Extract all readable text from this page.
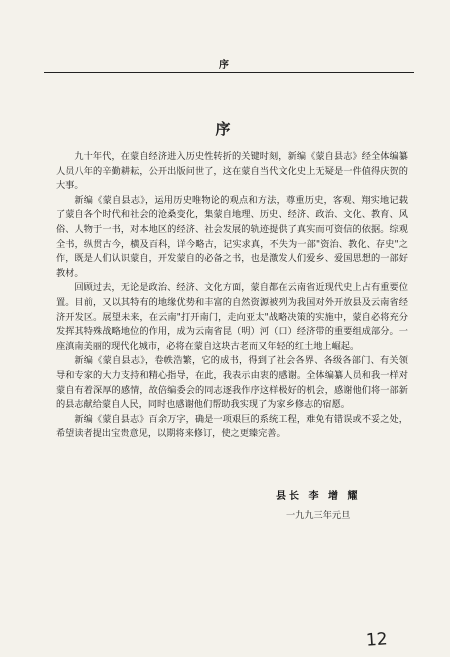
序
序

九十年代，在蒙自经济进入历史性转折的关键时刻，新编《蒙自县志》经全体编纂人员八年的辛勤耕耘，公开出版问世了，这在蒙自当代文化史上无疑是一件值得庆贺的大事。

新编《蒙自县志》，运用历史唯物论的观点和方法，尊重历史，客观、翔实地记载了蒙自各个时代和社会的沧桑变化，集蒙自地理、历史、经济、政治、文化、教育、风俗、人物于一书，对本地区的经济、社会发展的轨迹提供了真实而可资信的依据。综观全书，纵贯古今，横及百科，详今略古，记实求真，不失为一部"资治、教化、存史"之作，既是人们认识蒙自，开发蒙自的必备之书，也是激发人们爱乡、爱国思想的一部好教材。

回顾过去，无论是政治、经济、文化方面，蒙自都在云南省近现代史上占有重要位置。目前，又以其特有的地缘优势和丰富的自然资源被列为我国对外开放县及云南省经济开发区。展望未来，在云南"打开南门，走向亚太"战略决策的实施中，蒙自必将充分发挥其特殊战略地位的作用，成为云南省昆（明）河（口）经济带的重要组成部分。一座滇南美丽的现代化城市，必将在蒙自这块古老而又年轻的红土地上崛起。

新编《蒙自县志》，卷帙浩繁，它的成书，得到了社会各界、各级各部门、有关领导和专家的大力支持和精心指导，在此，我表示由衷的感谢。全体编纂人员和我一样对蒙自有着深厚的感情，故倍编委会的同志逐我作序这样极好的机会，感谢他们将一部新的县志献给蒙自人民，同时也感谢他们帮助我实现了为家乡修志的宿愿。

新编《蒙自县志》百余万字，确是一项艰巨的系统工程，难免有错误或不妥之处，希望读者提出宝贵意见，以期将来修订，使之更臻完善。

县长 李 增 耀
一九九三年元旦
12
